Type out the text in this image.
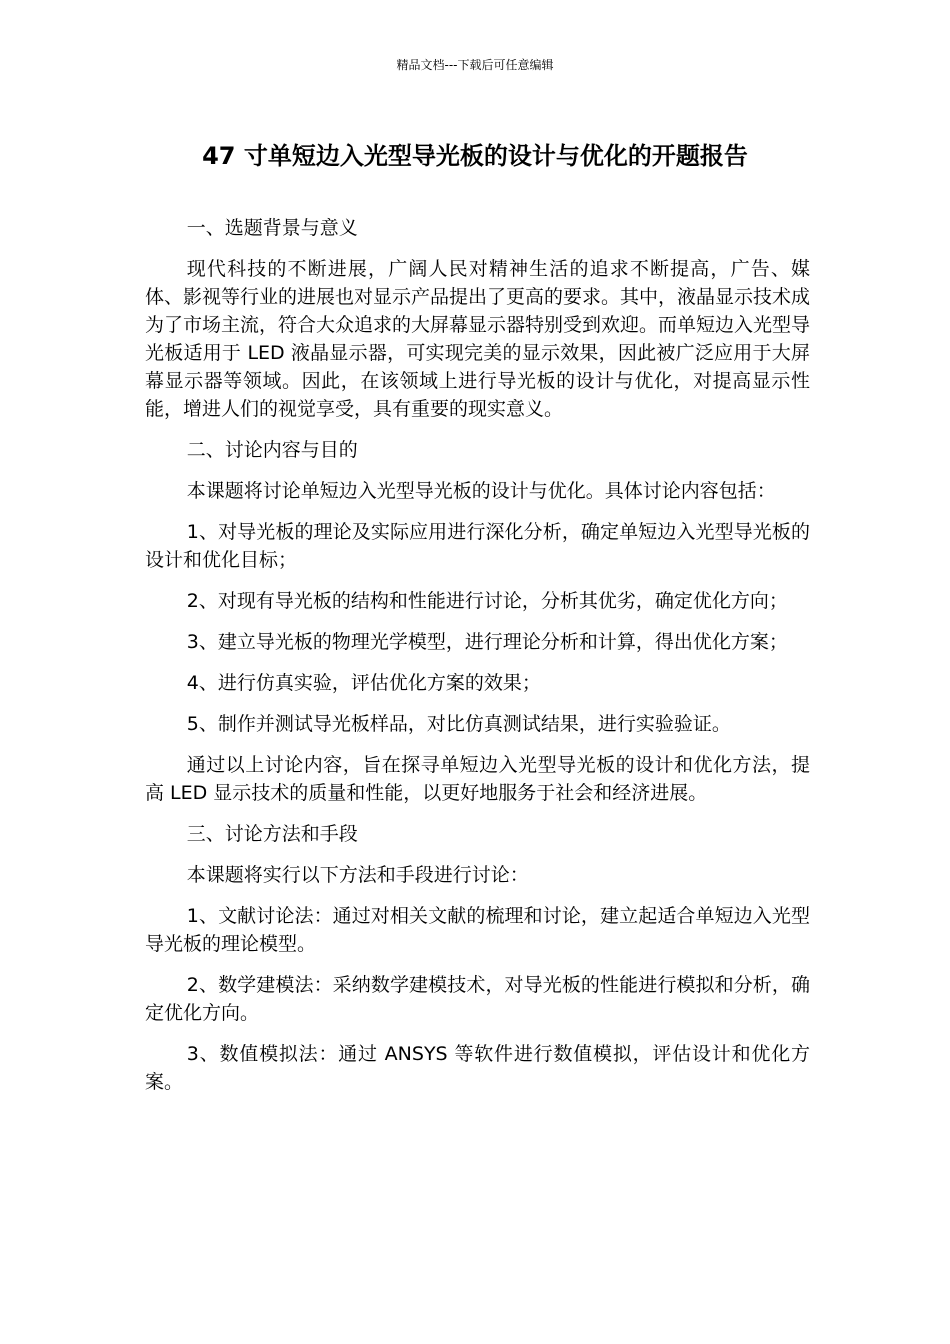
精品文档---下载后可任意编辑
47 寸单短边入光型导光板的设计与优化的开题报告

一、选题背景与意义

现代科技的不断进展，广阔人民对精神生活的追求不断提高，广告、媒体、影视等行业的进展也对显示产品提出了更高的要求。其中，液晶显示技术成为了市场主流，符合大众追求的大屏幕显示器特别受到欢迎。而单短边入光型导光板适用于 LED 液晶显示器，可实现完美的显示效果，因此被广泛应用于大屏幕显示器等领域。因此，在该领域上进行导光板的设计与优化，对提高显示性能，增进人们的视觉享受，具有重要的现实意义。

二、讨论内容与目的

本课题将讨论单短边入光型导光板的设计与优化。具体讨论内容包括：

1、对导光板的理论及实际应用进行深化分析，确定单短边入光型导光板的设计和优化目标；

2、对现有导光板的结构和性能进行讨论，分析其优劣，确定优化方向；

3、建立导光板的物理光学模型，进行理论分析和计算，得出优化方案；

4、进行仿真实验，评估优化方案的效果；

5、制作并测试导光板样品，对比仿真测试结果，进行实验验证。

通过以上讨论内容，旨在探寻单短边入光型导光板的设计和优化方法，提高 LED 显示技术的质量和性能，以更好地服务于社会和经济进展。

三、讨论方法和手段

本课题将实行以下方法和手段进行讨论：

1、文献讨论法：通过对相关文献的梳理和讨论，建立起适合单短边入光型导光板的理论模型。

2、数学建模法：采纳数学建模技术，对导光板的性能进行模拟和分析，确定优化方向。

3、数值模拟法：通过 ANSYS 等软件进行数值模拟，评估设计和优化方案。
